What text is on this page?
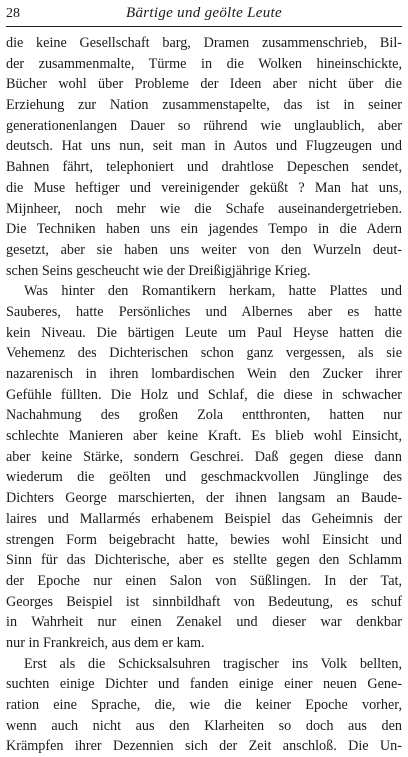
28	Bärtige und geölte Leute
die keine Gesellschaft barg, Dramen zusammenschrieb, Bil-
der zusammenmalte, Türme in die Wolken hineinschickte,
Bücher wohl über Probleme der Ideen aber nicht über die
Erziehung zur Nation zusammenstapelte, das ist in seiner
generationenlangen Dauer so rührend wie unglaublich, aber
deutsch. Hat uns nun, seit man in Autos und Flugzeugen und
Bahnen fährt, telephoniert und drahtlose Depeschen sendet,
die Muse heftiger und vereinigender geküßt ? Man hat uns,
Mijnheer, noch mehr wie die Schafe auseinandergetrieben.
Die Techniken haben uns ein jagendes Tempo in die Adern
gesetzt, aber sie haben uns weiter von den Wurzeln deut-
schen Seins gescheucht wie der Dreißigjährige Krieg.
Was hinter den Romantikern herkam, hatte Plattes und
Sauberes, hatte Persönliches und Albernes aber es hatte
kein Niveau. Die bärtigen Leute um Paul Heyse hatten die
Vehemenz des Dichterischen schon ganz vergessen, als sie
nazarenisch in ihren lombardischen Wein den Zucker ihrer
Gefühle füllten. Die Holz und Schlaf, die diese in schwacher
Nachahmung des großen Zola entthronten, hatten nur
schlechte Manieren aber keine Kraft. Es blieb wohl Einsicht,
aber keine Stärke, sondern Geschrei. Daß gegen diese dann
wiederum die geölten und geschmackvollen Jünglinge des
Dichters George marschierten, der ihnen langsam an Baude-
laires und Mallarmés erhabenem Beispiel das Geheimnis der
strengen Form beigebracht hatte, bewies wohl Einsicht und
Sinn für das Dichterische, aber es stellte gegen den Schlamm
der Epoche nur einen Salon von Süßlingen. In der Tat,
Georges Beispiel ist sinnbildhaft von Bedeutung, es schuf
in Wahrheit nur einen Zenakel und dieser war denkbar
nur in Frankreich, aus dem er kam.
Erst als die Schicksalsuhren tragischer ins Volk bellten,
suchten einige Dichter und fanden einige einer neuen Gene-
ration eine Sprache, die, wie die keiner Epoche vorher,
wenn auch nicht aus den Klarheiten so doch aus den
Krämpfen ihrer Dezennien sich der Zeit anschloß. Die Un-
